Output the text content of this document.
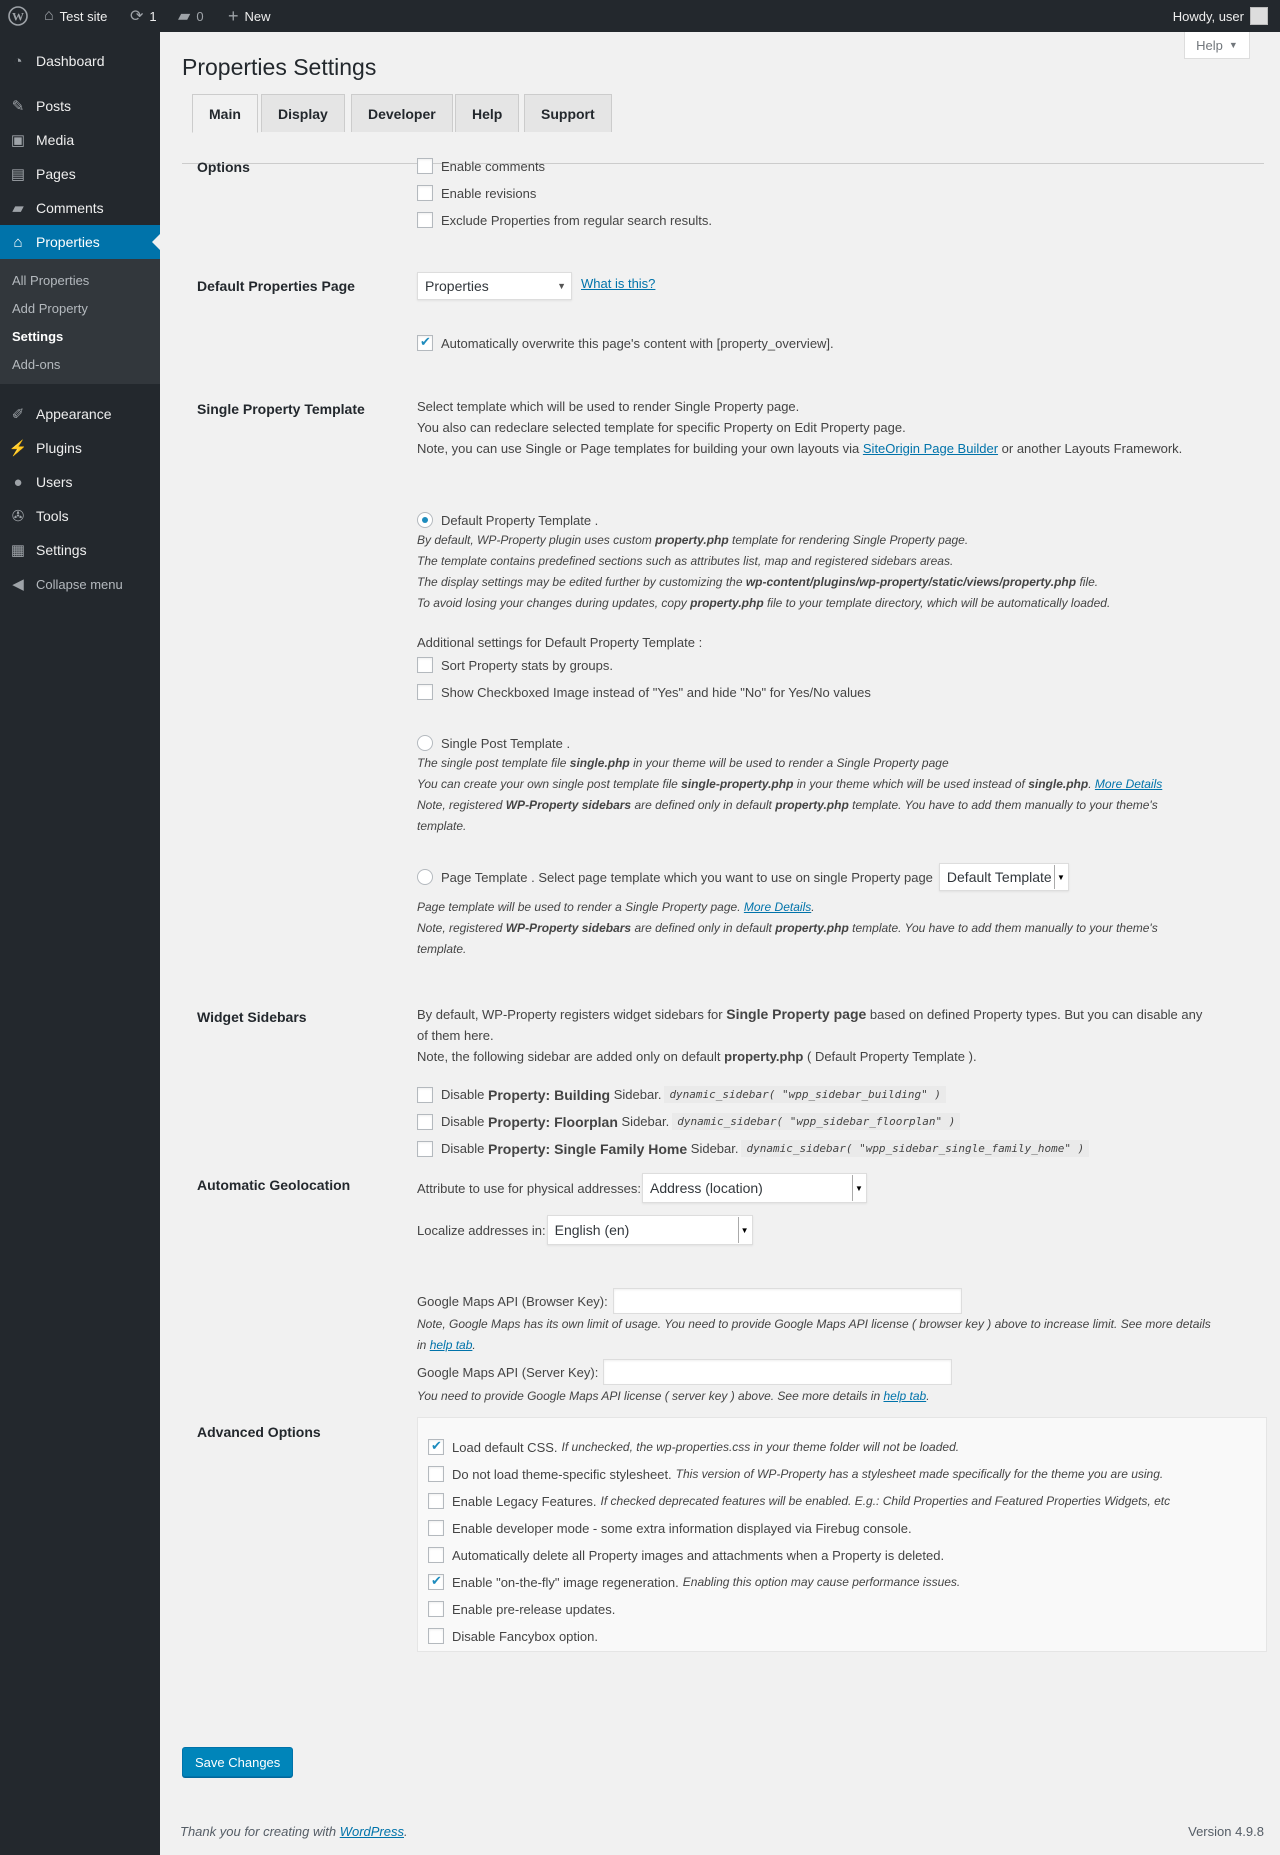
W ⌂ Test site ⟳ 1 ▰ 0 + New	Howdy, user
◔ Dashboard
✎ Posts
▣ Media
▤ Pages
▰ Comments
⌂ Properties
All Properties
Add Property
Settings
Add-ons
✐ Appearance
⚡ Plugins
● Users
✇ Tools
▦ Settings
◀ Collapse menu
Help ▼
Properties Settings
Main	Display	Developer	Help	Support
Options	Enable comments
Enable revisions
Exclude Properties from regular search results.
Default Properties Page	Properties	▼ What is this?
✔
Automatically overwrite this page's content with [property_overview].
Single Property Template	Select template which will be used to render Single Property page.
You also can redeclare selected template for specific Property on Edit Property page.
Note, you can use Single or Page templates for building your own layouts via SiteOrigin Page Builder or another Layouts Framework.
Default Property Template .
By default, WP-Property plugin uses custom property.php template for rendering Single Property page.
The template contains predefined sections such as attributes list, map and registered sidebars areas.
The display settings may be edited further by customizing the wp-content/plugins/wp-property/static/views/property.php file.
To avoid losing your changes during updates, copy property.php file to your template directory, which will be automatically loaded.
Additional settings for Default Property Template :
Sort Property stats by groups.
Show Checkboxed Image instead of "Yes" and hide "No" for Yes/No values
Single Post Template .
The single post template file single.php in your theme will be used to render a Single Property page
You can create your own single post template file single-property.php in your theme which will be used instead of single.php. More Details
Note, registered WP-Property sidebars are defined only in default property.php template. You have to add them manually to your theme's
template.
Page Template . Select page template which you want to use on single Property page Default Template ▼
Page template will be used to render a Single Property page. More Details.
Note, registered WP-Property sidebars are defined only in default property.php template. You have to add them manually to your theme's
template.
Widget Sidebars	By default, WP-Property registers widget sidebars for Single Property page based on defined Property types. But you can disable any
of them here.
Note, the following sidebar are added only on default property.php ( Default Property Template ).
Disable
Property: Building
Sidebar. dynamic_sidebar( "wpp_sidebar_building" )
Disable
Property: Floorplan
Sidebar. dynamic_sidebar( "wpp_sidebar_floorplan" )
Disable
Property: Single Family Home
Sidebar. dynamic_sidebar( "wpp_sidebar_single_family_home" )
Automatic Geolocation	Attribute to use for physical addresses: Address (location)	▼
Localize addresses in: English (en)	▼
Google Maps API (Browser Key):
Note, Google Maps has its own limit of usage. You need to provide Google Maps API license ( browser key ) above to increase limit. See more details
in help tab.
Google Maps API (Server Key):
You need to provide Google Maps API license ( server key ) above. See more details in help tab.
Advanced Options
✔
Load default CSS. If unchecked, the wp-properties.css in your theme folder will not be loaded.
Do not load theme-specific stylesheet. This version of WP-Property has a stylesheet made specifically for the theme you are using.
Enable Legacy Features. If checked deprecated features will be enabled. E.g.: Child Properties and Featured Properties Widgets, etc
Enable developer mode - some extra information displayed via Firebug console.
Automatically delete all Property images and attachments when a Property is deleted.
✔
Enable "on-the-fly" image regeneration. Enabling this option may cause performance issues.
Enable pre-release updates.
Disable Fancybox option.
Save Changes
Thank you for creating with WordPress.	Version 4.9.8
